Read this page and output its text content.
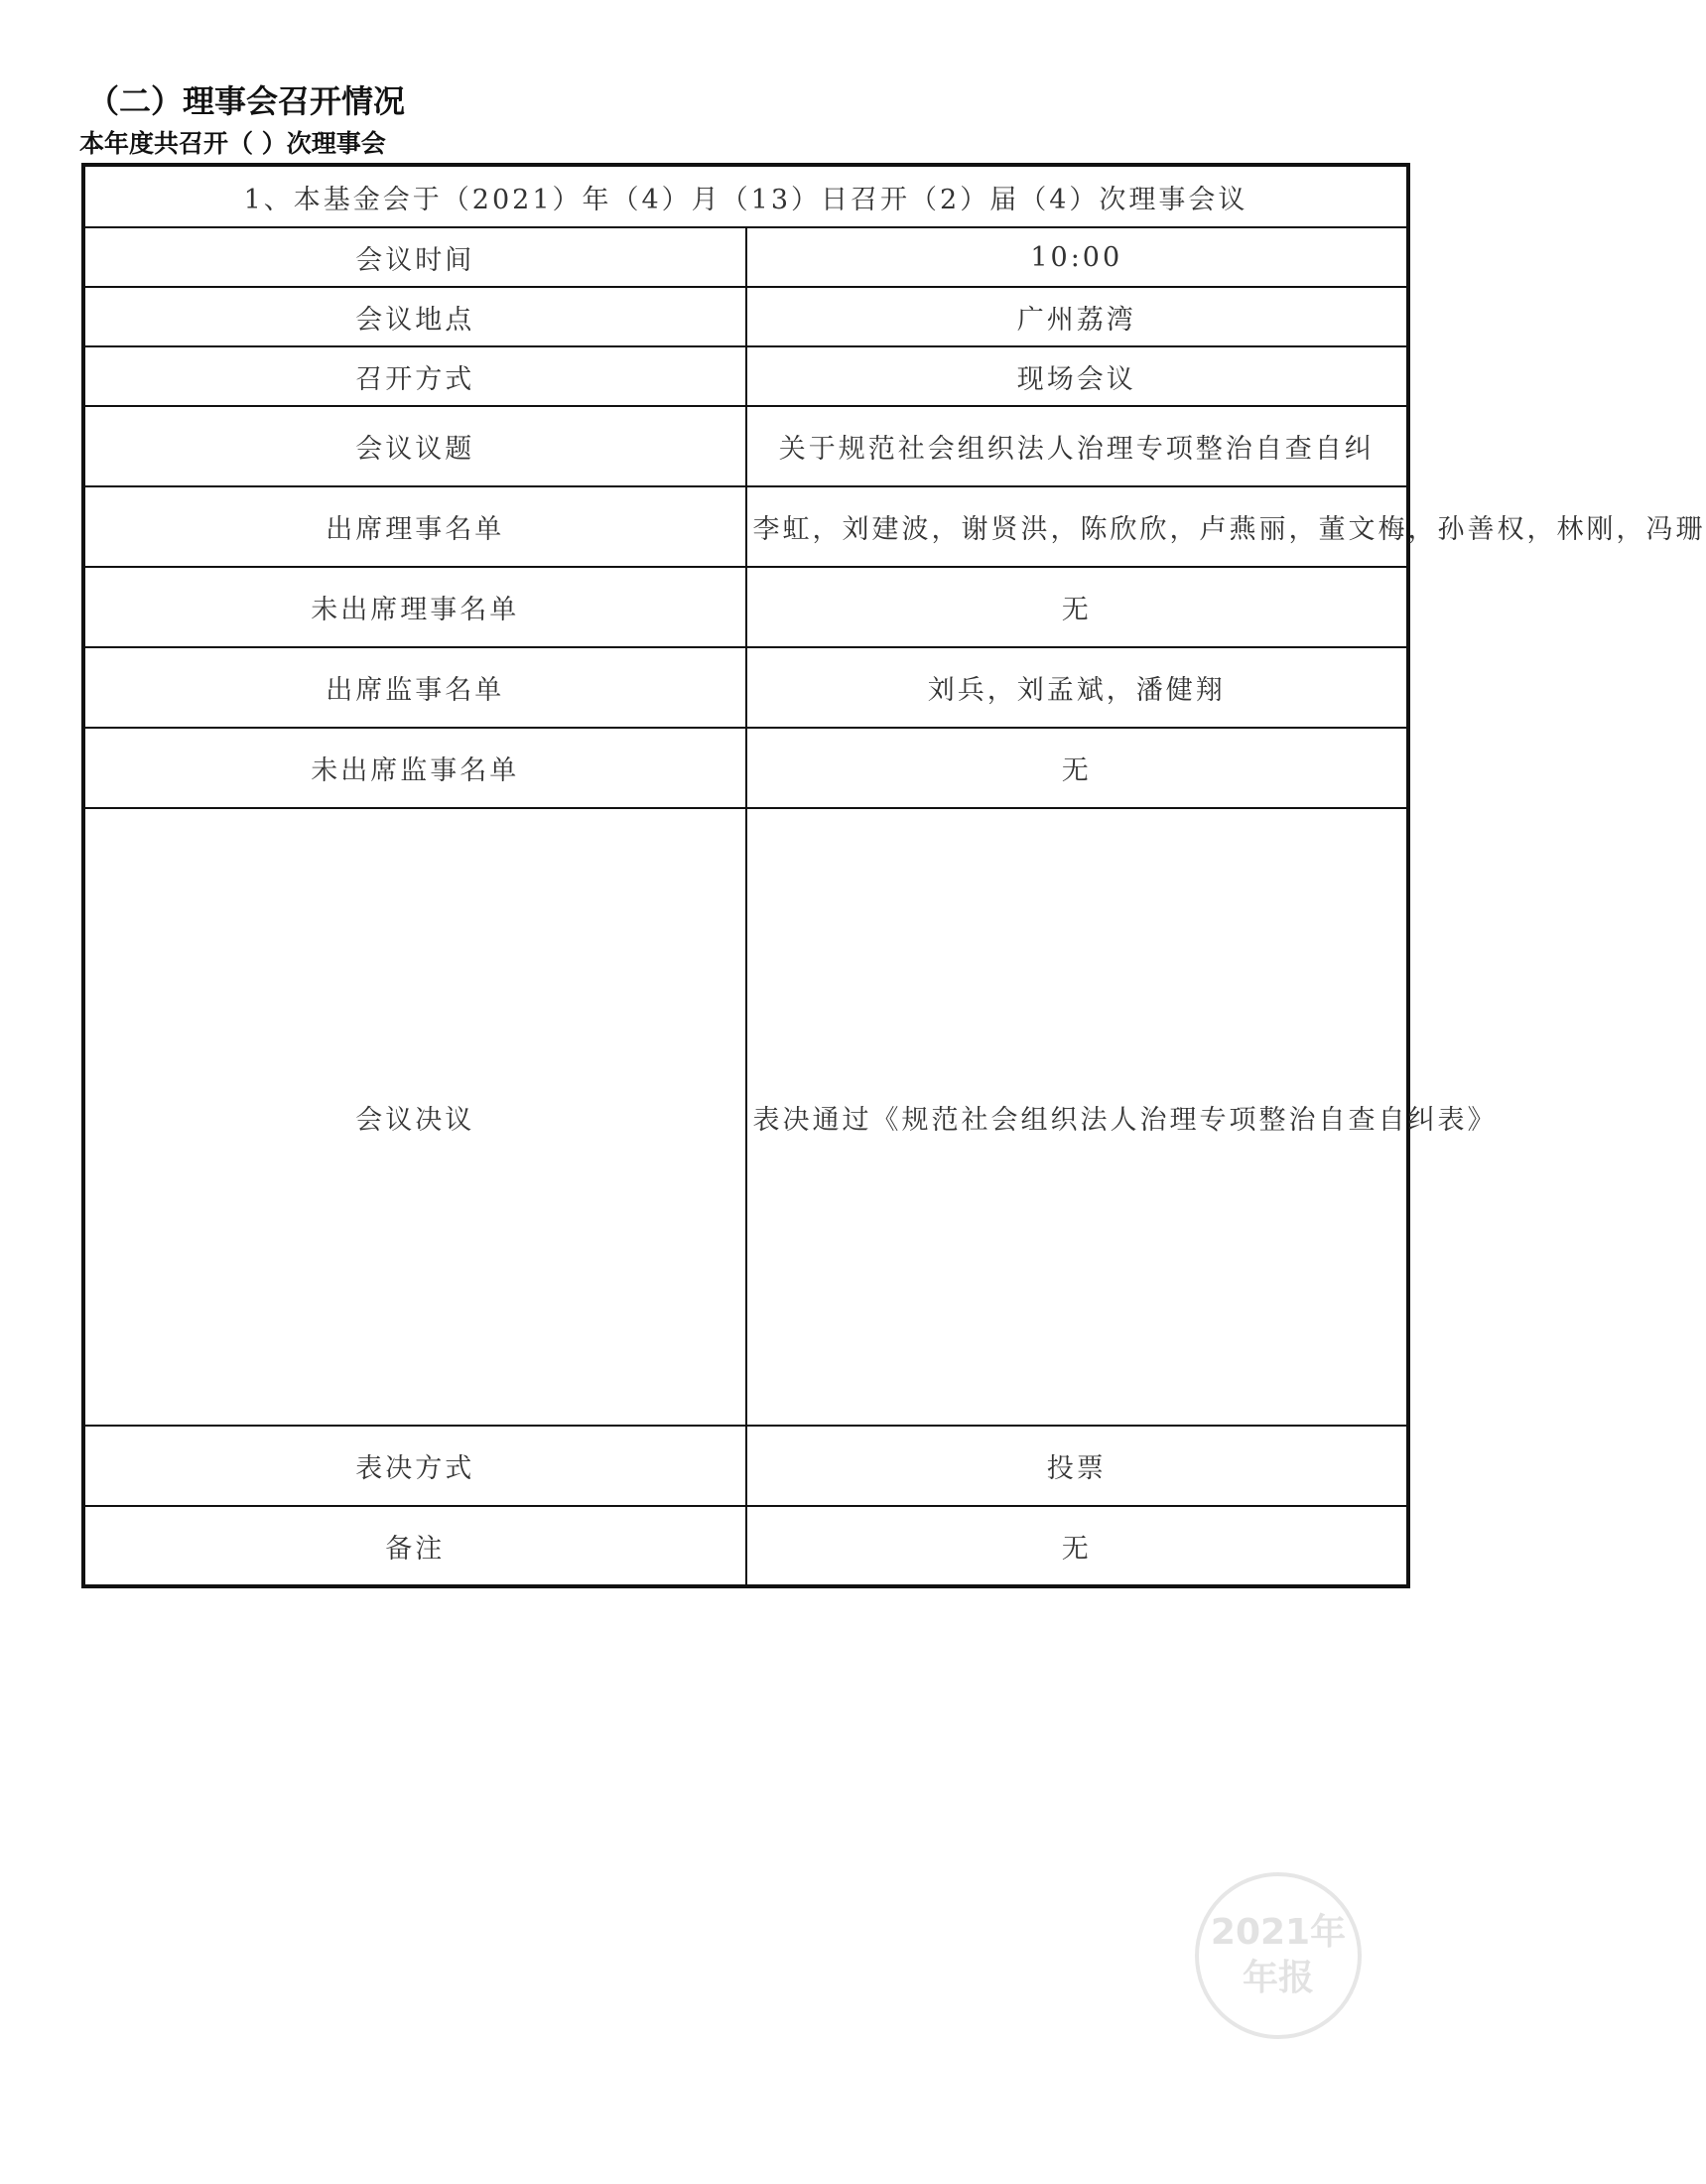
（二）理事会召开情况
本年度共召开（ ）次理事会
1、本基金会于（2021）年（4）月（13）日召开（2）届（4）次理事会议	
会议时间	10:00
会议地点	广州荔湾
召开方式	现场会议
会议议题	关于规范社会组织法人治理专项整治自查自纠
出席理事名单	李虹，刘建波，谢贤洪，陈欣欣，卢燕丽，董文梅，孙善权，林刚，冯珊
未出席理事名单	无
出席监事名单	刘兵，刘孟斌，潘健翔
未出席监事名单	无
会议决议	表决通过《规范社会组织法人治理专项整治自查自纠表》
表决方式	投票
备注	无
2021年
年报
